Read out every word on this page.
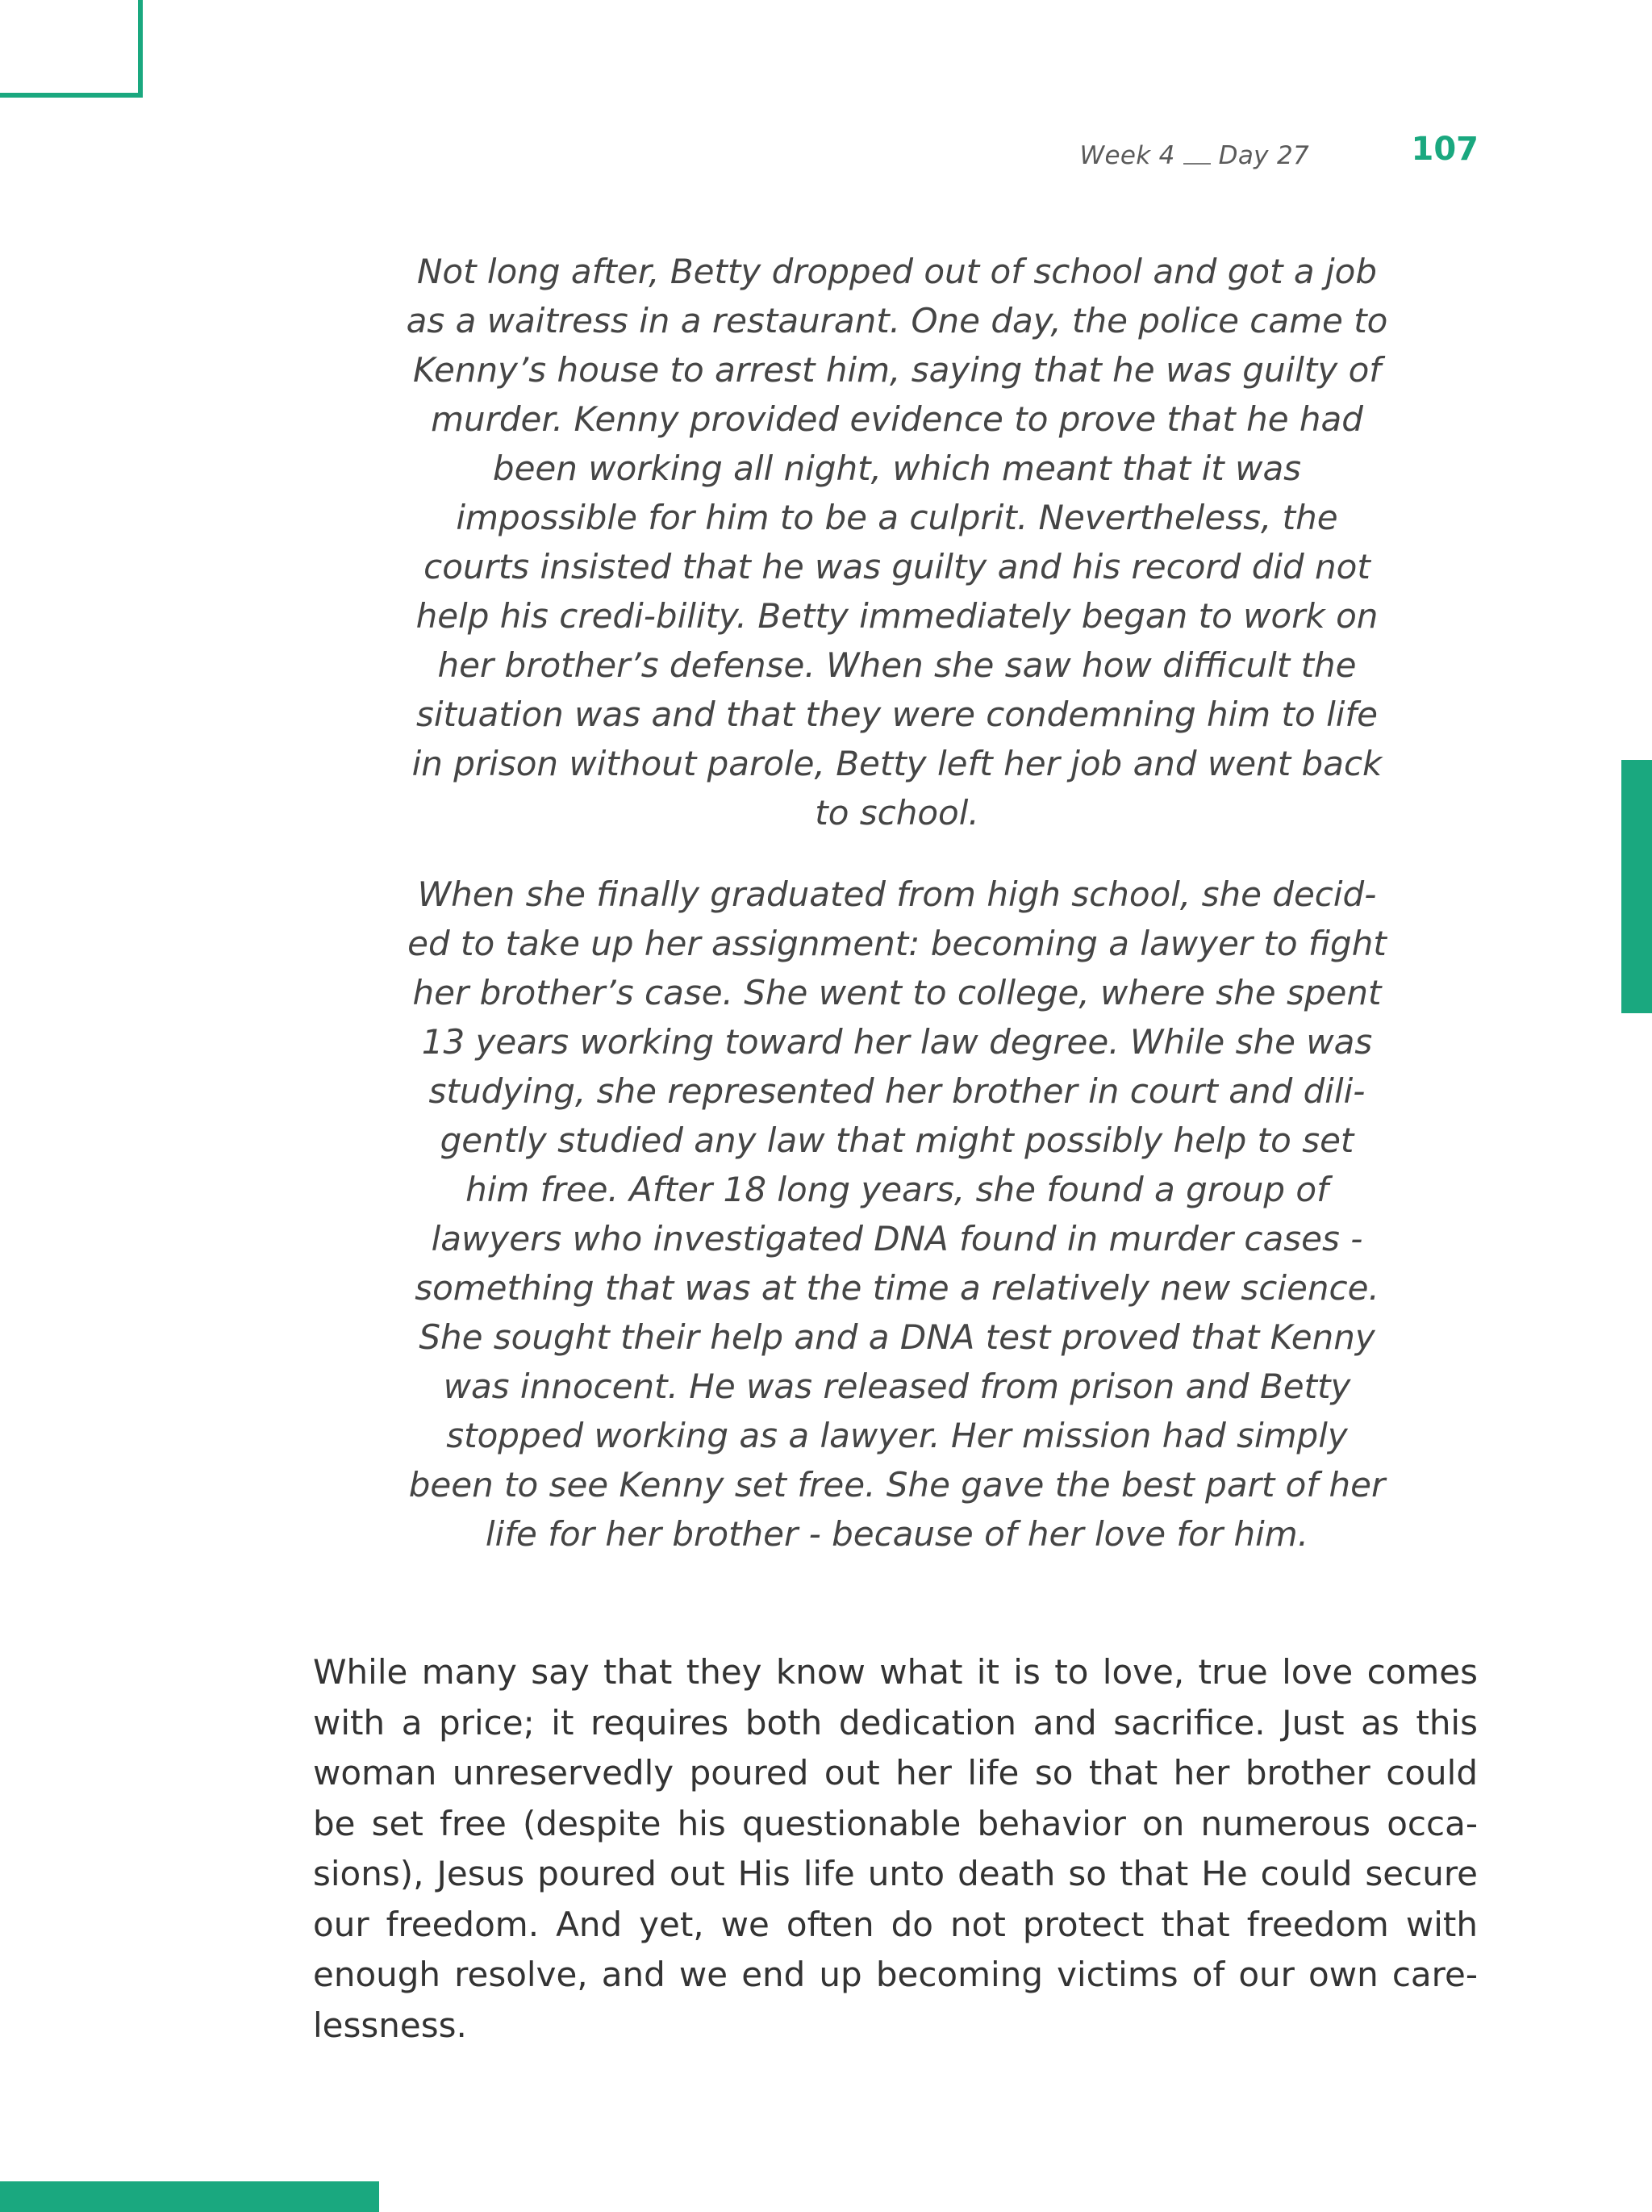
Week 4 Day 27	107

Not long after, Betty dropped out of school and got a job as a waitress in a restaurant. One day, the police came to Kenny’s house to arrest him, saying that he was guilty of murder. Kenny provided evidence to prove that he had been working all night, which meant that it was impossible for him to be a culprit. Nevertheless, the courts insisted that he was guilty and his record did not help his credi-bility. Betty immediately began to work on her brother’s defense. When she saw how difficult the situation was and that they were condemning him to life in prison without parole, Betty left her job and went back to school.

When she finally graduated from high school, she decid-ed to take up her assignment: becoming a lawyer to fight her brother’s case. She went to college, where she spent 13 years working toward her law degree. While she was studying, she represented her brother in court and dili-gently studied any law that might possibly help to set him free. After 18 long years, she found a group of lawyers who investigated DNA found in murder cases - something that was at the time a relatively new science. She sought their help and a DNA test proved that Kenny was innocent. He was released from prison and Betty stopped working as a lawyer. Her mission had simply been to see Kenny set free. She gave the best part of her life for her brother - because of her love for him.

While many say that they know what it is to love, true love comes with a price; it requires both dedication and sacrifice. Just as this woman unreservedly poured out her life so that her brother could be set free (despite his questionable behavior on numerous occa-sions), Jesus poured out His life unto death so that He could secure our freedom. And yet, we often do not protect that freedom with enough resolve, and we end up becoming victims of our own care-lessness.
